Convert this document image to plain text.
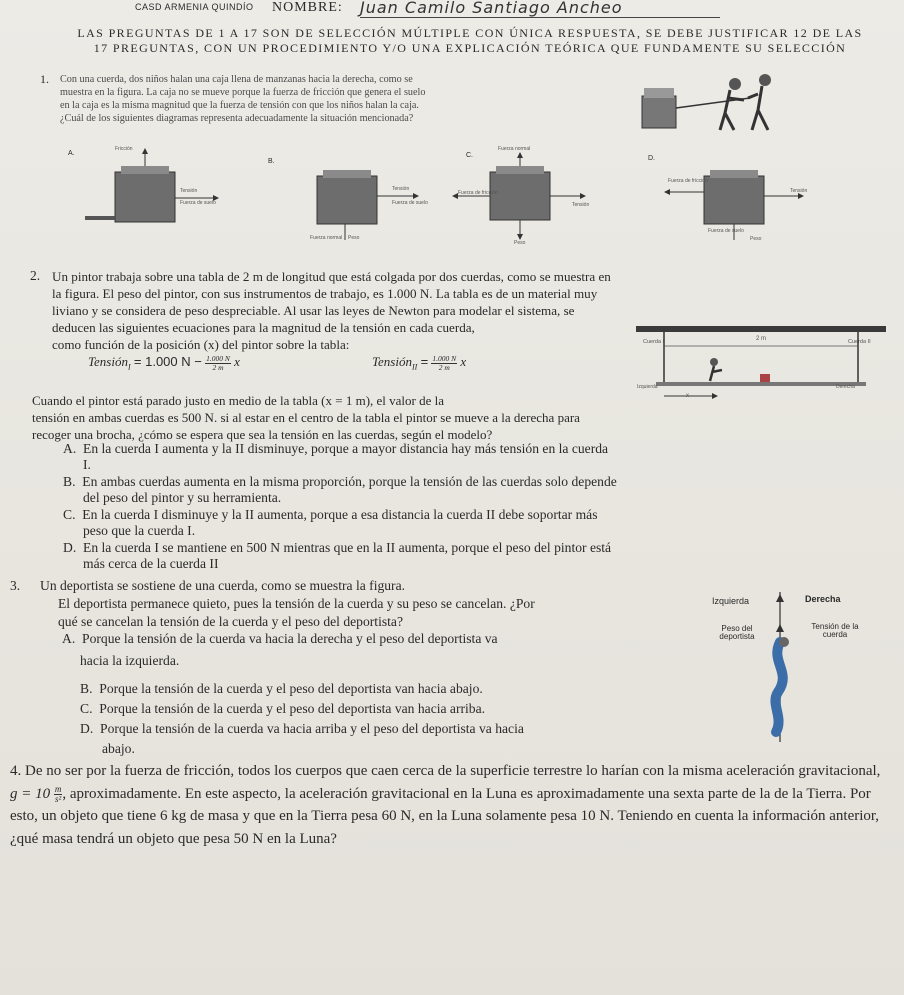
CASD ARMENIA QUINDÍO NOMBRE: Juan Camilo Santiago Ancheo
LAS PREGUNTAS DE 1 A 17 SON DE SELECCIÓN MÚLTIPLE CON ÚNICA RESPUESTA, SE DEBE JUSTIFICAR 12 DE LAS 17 PREGUNTAS, CON UN PROCEDIMIENTO Y/O UNA EXPLICACIÓN TEÓRICA QUE FUNDAMENTE SU SELECCIÓN
1. Con una cuerda, dos niños halan una caja llena de manzanas hacia la derecha, como se
muestra en la figura. La caja no se mueve porque la fuerza de fricción que genera el suelo
en la caja es la misma magnitud que la fuerza de tensión con que los niños halan la caja.
¿Cuál de los siguientes diagramas representa adecuadamente la situación mencionada?
A.
Fricción
Tensión
Fuerza de suelo
B.
Tensión
Fuerza de suelo
Fuerza normal Peso
C.
Fuerza normal
Fuerza de fricción
Tensión
Peso
D.
Fuerza de fricción
Tensión
Fuerza de suelo
Peso
2. Un pintor trabaja sobre una tabla de 2 m de longitud que está colgada por dos cuerdas, como se muestra en
la figura. El peso del pintor, con sus instrumentos de trabajo, es 1.000 N. La tabla es de un material muy
liviano y se considera de peso despreciable. Al usar las leyes de Newton para modelar el sistema, se
deducen las siguientes ecuaciones para la magnitud de la tensión en cada cuerda,
como función de la posición (x) del pintor sobre la tabla:
Tensión$_I$ = 1.000 $N - \frac{1.000 N}{2 m}$ x	Tensión$_{II}$ = $\frac{1.000 N}{2 m}$ x
Cuerda I	Cuerda II
2 m
Izquierda	Derecha
x
Cuando el pintor está parado justo en medio de la tabla (x = 1 m), el valor de la
tensión en ambas cuerdas es 500 N. si al estar en el centro de la tabla el pintor se mueve a la derecha para
recoger una brocha, ¿cómo se espera que sea la tensión en las cuerdas, según el modelo?
A. En la cuerda I aumenta y la II disminuye, porque a mayor distancia hay más tensión en la cuerda
I.
B. En ambas cuerdas aumenta en la misma proporción, porque la tensión de las cuerdas solo depende
del peso del pintor y su herramienta.
C. En la cuerda I disminuye y la II aumenta, porque a esa distancia la cuerda II debe soportar más
peso que la cuerda I.
D. En la cuerda I se mantiene en 500 N mientras que en la II aumenta, porque el peso del pintor está
más cerca de la cuerda II
3. Un deportista se sostiene de una cuerda, como se muestra la figura.
El deportista permanece quieto, pues la tensión de la cuerda y su peso se cancelan. ¿Por
qué se cancelan la tensión de la cuerda y el peso del deportista?
Izquierda	Derecha
Peso del deportista
Tensión de la cuerda
A. Porque la tensión de la cuerda va hacia la derecha y el peso del deportista va
hacia la izquierda.
B. Porque la tensión de la cuerda y el peso del deportista van hacia abajo.
C. Porque la tensión de la cuerda y el peso del deportista van hacia arriba.
D. Porque la tensión de la cuerda va hacia arriba y el peso del deportista va hacia
abajo.
4. De no ser por la fuerza de fricción, todos los cuerpos que caen cerca de la superficie terrestre lo harían con la misma aceleración gravitacional, $g = 10 \frac{m}{\text{s²}}$ , aproximadamente. En este aspecto, la aceleración gravitacional en la Luna es aproximadamente una sexta parte de la de la Tierra. Por esto, un objeto que tiene 6 kg de masa y que en la Tierra pesa 60 N, en la Luna solamente pesa 10 N. Teniendo en cuenta la información anterior, ¿qué masa tendrá un objeto que pesa 50 N en la Luna?
